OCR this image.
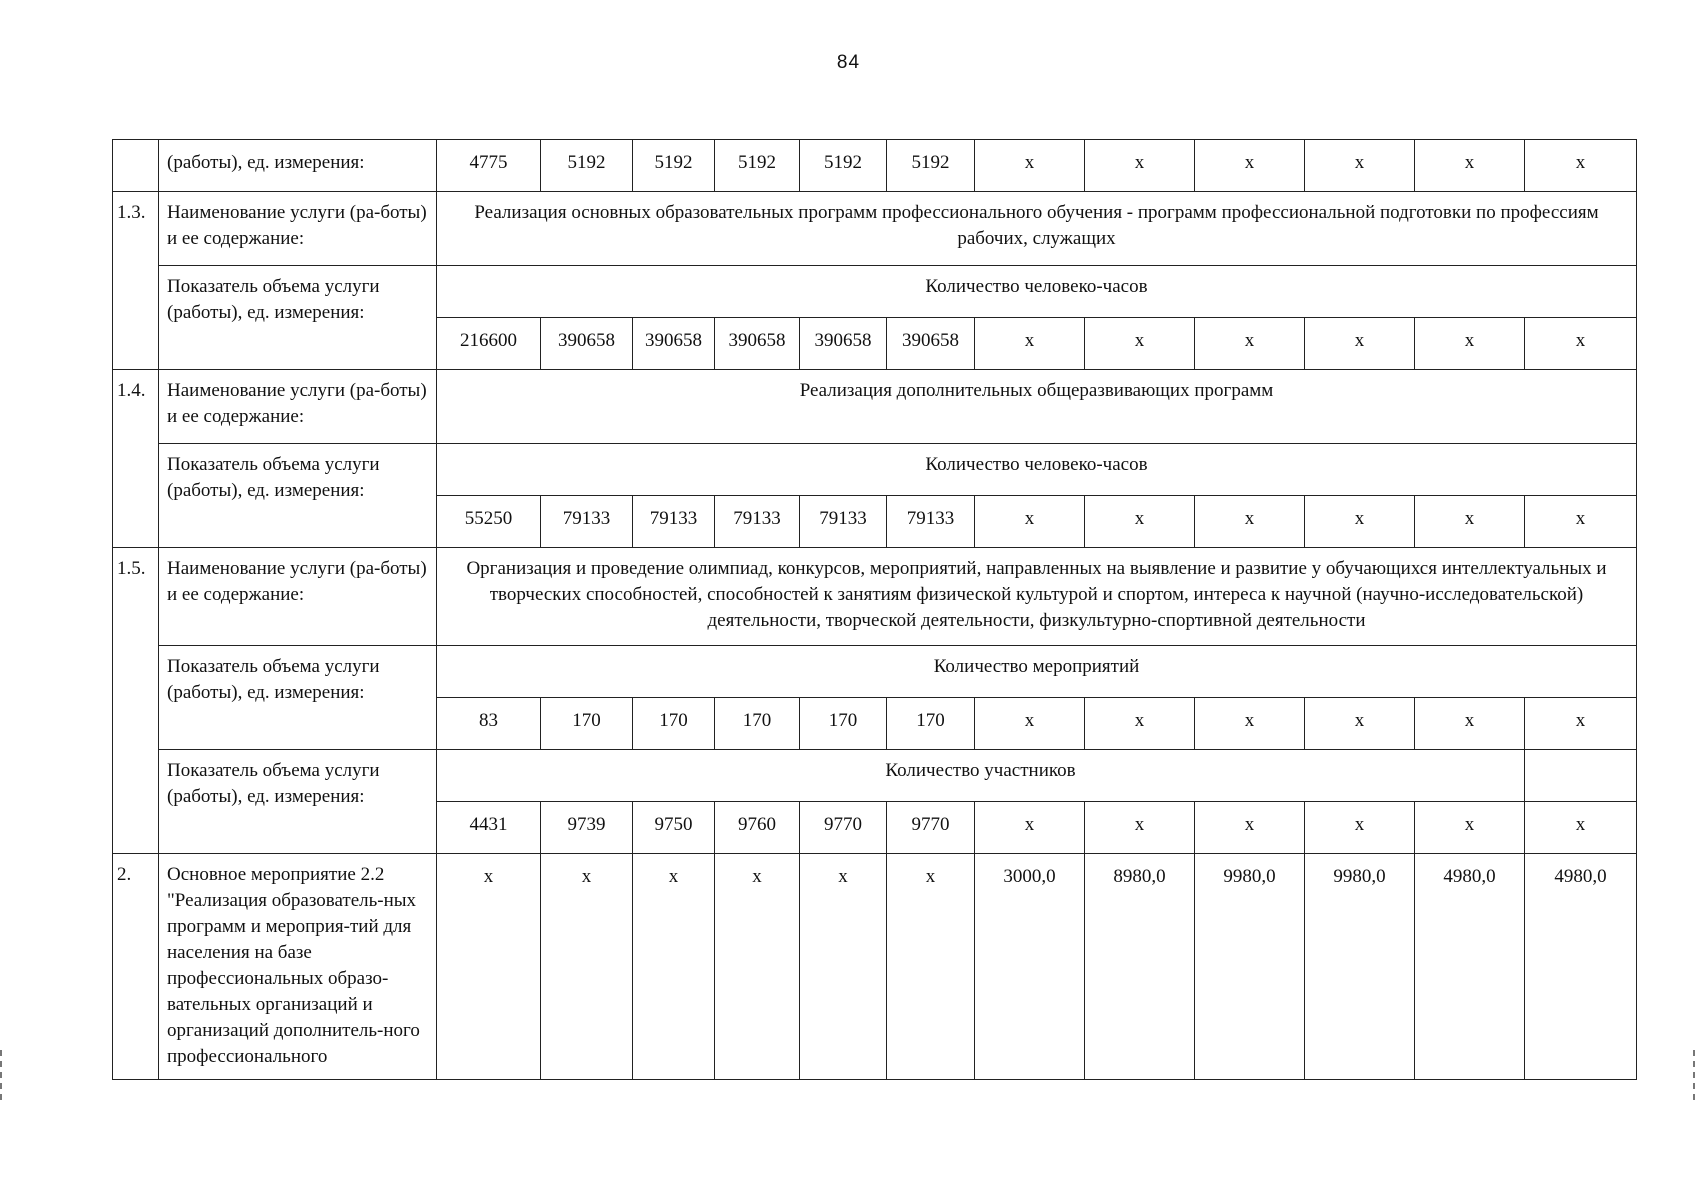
84
	(работы), ед. измерения:	4775	5192	5192	5192	5192	5192	х	х	х	х	х	х
1.3.	Наименование услуги (ра-боты) и ее содержание:	Реализация основных образовательных программ профессионального обучения - программ профессиональной подготовки по профессиям рабочих, служащих											
	Показатель объема услуги (работы), ед. измерения:	Количество человеко-часов											
		216600	390658	390658	390658	390658	390658	х	х	х	х	х	х
1.4.	Наименование услуги (ра-боты) и ее содержание:	Реализация дополнительных общеразвивающих программ											
	Показатель объема услуги (работы), ед. измерения:	Количество человеко-часов											
		55250	79133	79133	79133	79133	79133	х	х	х	х	х	х
1.5.	Наименование услуги (ра-боты) и ее содержание:	Организация и проведение олимпиад, конкурсов, мероприятий, направленных на выявление и развитие у обучающихся интеллектуальных и творческих способностей, способностей к занятиям физической культурой и спортом, интереса к научной (научно-исследовательской) деятельности, творческой деятельности, физкультурно-спортивной деятельности											
	Показатель объема услуги (работы), ед. измерения:	Количество мероприятий											
		83	170	170	170	170	170	х	х	х	х	х	х
	Показатель объема услуги (работы), ед. измерения:	Количество участников											
		4431	9739	9750	9760	9770	9770	х	х	х	х	х	х
2.	Основное мероприятие 2.2 "Реализация образователь-ных программ и мероприя-тий для населения на базе профессиональных образо-вательных организаций и организаций дополнитель-ного профессионального	х	х	х	х	х	х	3000,0	8980,0	9980,0	9980,0	4980,0	4980,0
